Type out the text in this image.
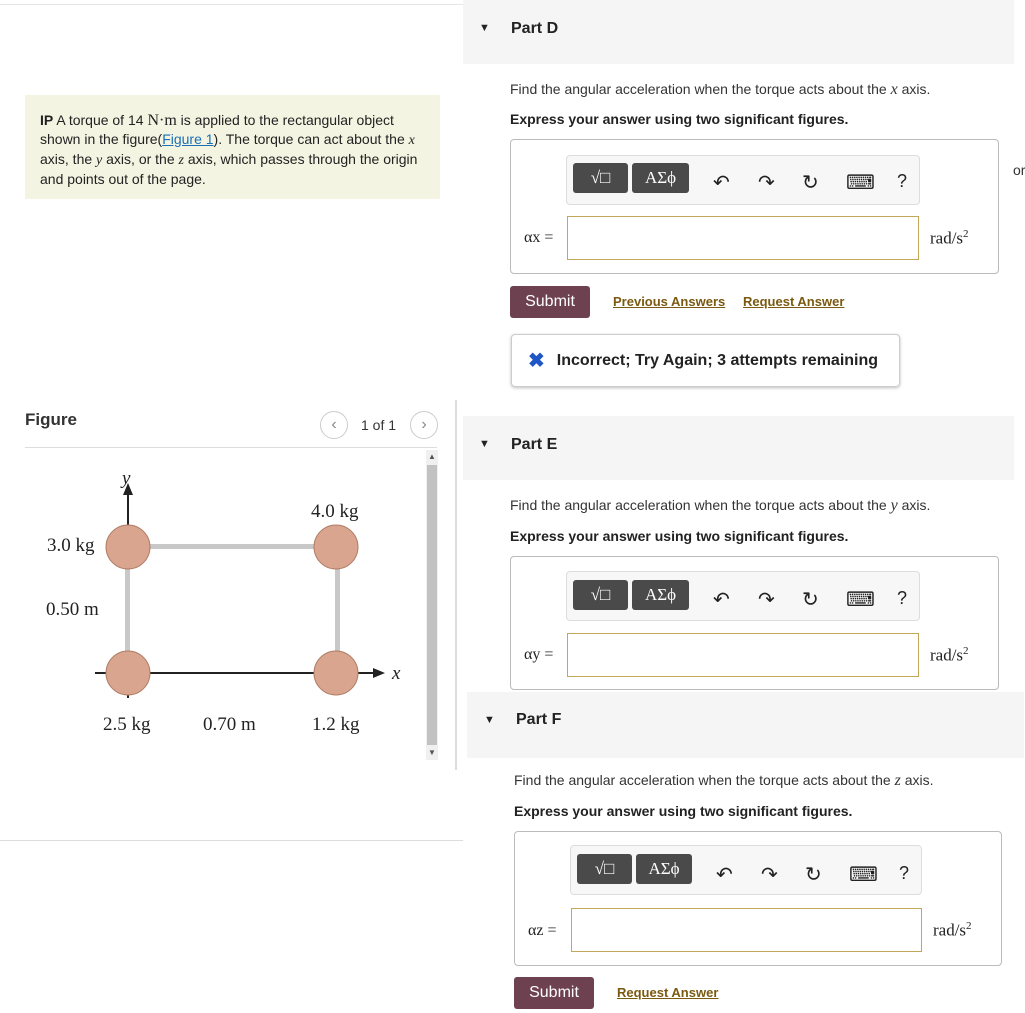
IP A torque of 14 N·m is applied to the rectangular object shown in the figure(Figure 1). The torque can act about the x axis, the y axis, or the z axis, which passes through the origin and points out of the page.
Figure	‹	1 of 1	›
y
x
3.0 kg
4.0 kg
2.5 kg	1.2 kg
0.50 m
0.70 m
▲
▼
▼ Part D
Find the angular acceleration when the torque acts about the x axis.
Express your answer using two significant figures.
√□	ΑΣϕ	↶ ↷ ↻ ⌨ ?
αx =	rad/$s^2$
Submit	Previous Answers Request Answer
✖ Incorrect; Try Again; 3 attempts remaining
▼ Part E
Find the angular acceleration when the torque acts about the y axis.
Express your answer using two significant figures.
√□	ΑΣϕ	↶ ↷ ↻ ⌨ ?
αy =	rad/$s^2$
▼ Part F
Find the angular acceleration when the torque acts about the z axis.
Express your answer using two significant figures.
√□	ΑΣϕ	↶ ↷ ↻ ⌨ ?
αz =	rad/$s^2$
Submit	Request Answer
or
